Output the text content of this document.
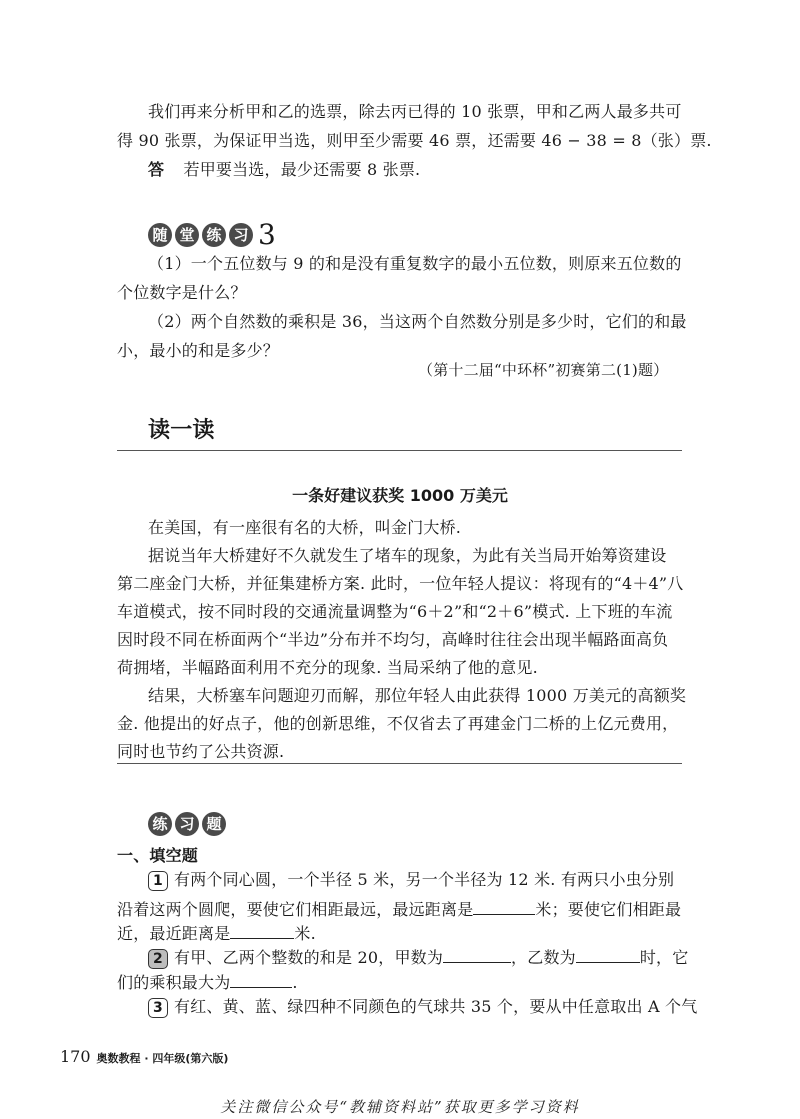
我们再来分析甲和乙的选票，除去丙已得的 10 张票，甲和乙两人最多共可
得 90 张票，为保证甲当选，则甲至少需要 46 票，还需要 46 − 38 = 8（张）票.
答 若甲要当选，最少还需要 8 张票.
随 堂 练 习 3
（1）一个五位数与 9 的和是没有重复数字的最小五位数，则原来五位数的
个位数字是什么？
（2）两个自然数的乘积是 36，当这两个自然数分别是多少时，它们的和最
小，最小的和是多少？
（第十二届“中环杯”初赛第二(1)题）
读一读
一条好建议获奖 1000 万美元
在美国，有一座很有名的大桥，叫金门大桥.
据说当年大桥建好不久就发生了堵车的现象，为此有关当局开始筹资建设
第二座金门大桥，并征集建桥方案. 此时，一位年轻人提议：将现有的“4＋4”八
车道模式，按不同时段的交通流量调整为“6＋2”和“2＋6”模式. 上下班的车流
因时段不同在桥面两个“半边”分布并不均匀，高峰时往往会出现半幅路面高负
荷拥堵，半幅路面利用不充分的现象. 当局采纳了他的意见.
结果，大桥塞车问题迎刃而解，那位年轻人由此获得 1000 万美元的高额奖
金. 他提出的好点子，他的创新思维，不仅省去了再建金门二桥的上亿元费用，
同时也节约了公共资源.
练 习 题
一、填空题
1 有两个同心圆，一个半径 5 米，另一个半径为 12 米. 有两只小虫分别
沿着这两个圆爬，要使它们相距最远，最远距离是	米；要使它们相距最
近，最近距离是	米.
2 有甲、乙两个整数的和是 20，甲数为	，乙数为	时，它
们的乘积最大为	.
3 有红、黄、蓝、绿四种不同颜色的气球共 35 个，要从中任意取出 A 个气
170 奥数教程 · 四年级(第六版)
关注微信公众号“教辅资料站”获取更多学习资料
